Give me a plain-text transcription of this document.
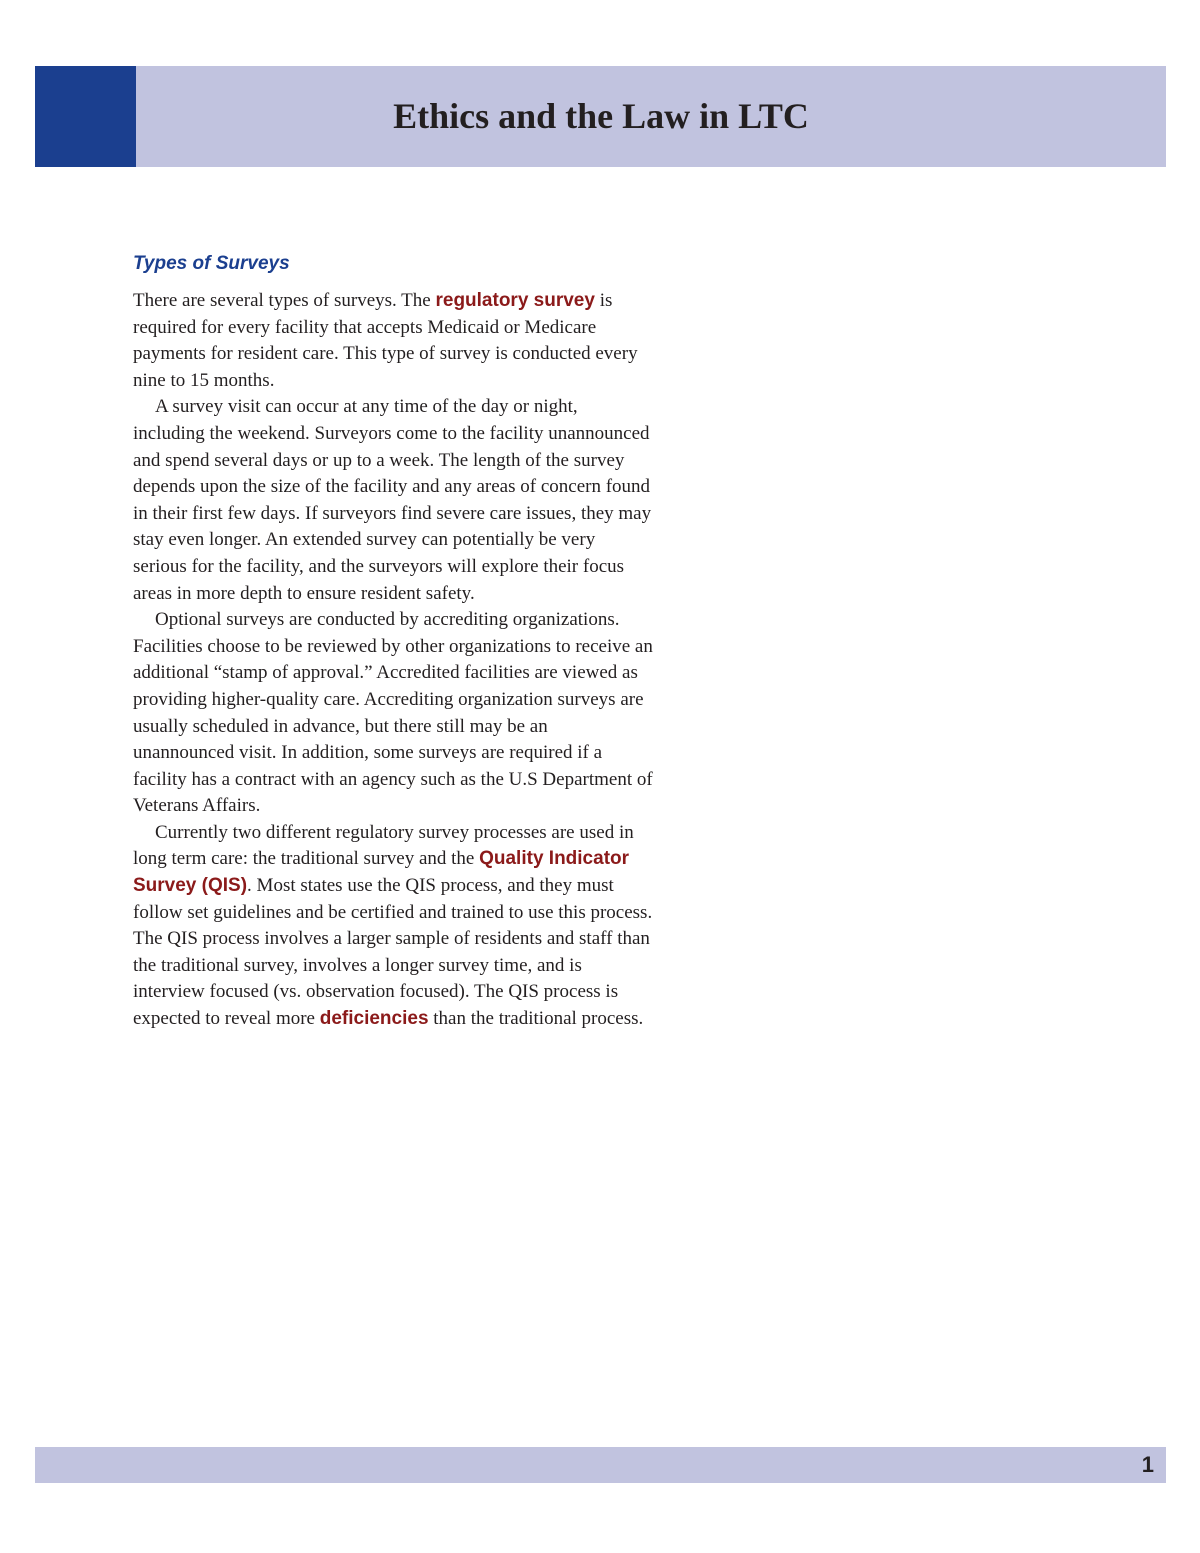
Ethics and the Law in LTC
Types of Surveys

There are several types of surveys. The regulatory survey is required for every facility that accepts Medicaid or Medicare payments for resident care. This type of survey is conducted every nine to 15 months.

A survey visit can occur at any time of the day or night, including the weekend. Surveyors come to the facility unannounced and spend several days or up to a week. The length of the survey depends upon the size of the facility and any areas of concern found in their first few days. If surveyors find severe care issues, they may stay even longer. An extended survey can potentially be very serious for the facility, and the surveyors will explore their focus areas in more depth to ensure resident safety.

Optional surveys are conducted by accrediting organizations. Facilities choose to be reviewed by other organizations to receive an additional “stamp of approval.” Accredited facilities are viewed as providing higher-quality care. Accrediting organization surveys are usually scheduled in advance, but there still may be an unannounced visit. In addition, some surveys are required if a facility has a contract with an agency such as the U.S Department of Veterans Affairs.

Currently two different regulatory survey processes are used in long term care: the traditional survey and the Quality Indicator Survey (QIS). Most states use the QIS process, and they must follow set guidelines and be certified and trained to use this process. The QIS process involves a larger sample of residents and staff than the traditional survey, involves a longer survey time, and is interview focused (vs. observation focused). The QIS process is expected to reveal more deficiencies than the traditional process.

1
